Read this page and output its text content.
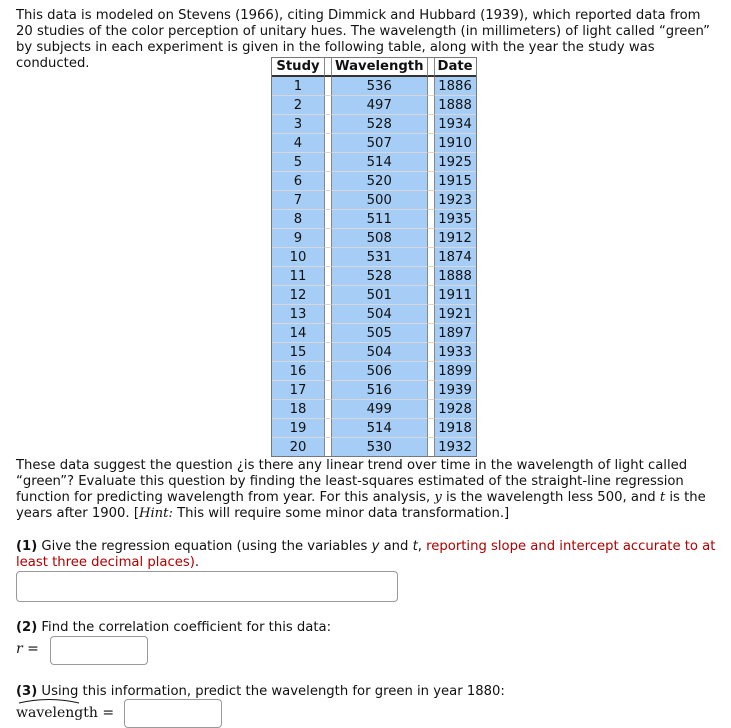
This data is modeled on Stevens (1966), citing Dimmick and Hubbard (1939), which reported data from 20 studies of the color perception of unitary hues. The wavelength (in millimeters) of light called “green” by subjects in each experiment is given in the following table, along with the year the study was conducted.	Study		Wavelength		Date
1		536		1886
2		497		1888
3		528		1934
4		507		1910
5		514		1925
6		520		1915
7		500		1923
8		511		1935
9		508		1912
10		531		1874
11		528		1888
12		501		1911
13		504		1921
14		505		1897
15		504		1933
16		506		1899
17		516		1939
18		499		1928
19		514		1918
20		530		1932
These data suggest the question ¿is there any linear trend over time in the wavelength of light called “green”? Evaluate this question by finding the least-squares estimated of the straight-line regression function for predicting wavelength from year. For this analysis, y is the wavelength less 500, and t is the years after 1900. [Hint: This will require some minor data transformation.]
(1) Give the regression equation (using the variables y and t, reporting slope and intercept accurate to at least three decimal places).
(2) Find the correlation coefficient for this data:
r =
(3) Using this information, predict the wavelength for green in year 1880:
wavelength =
